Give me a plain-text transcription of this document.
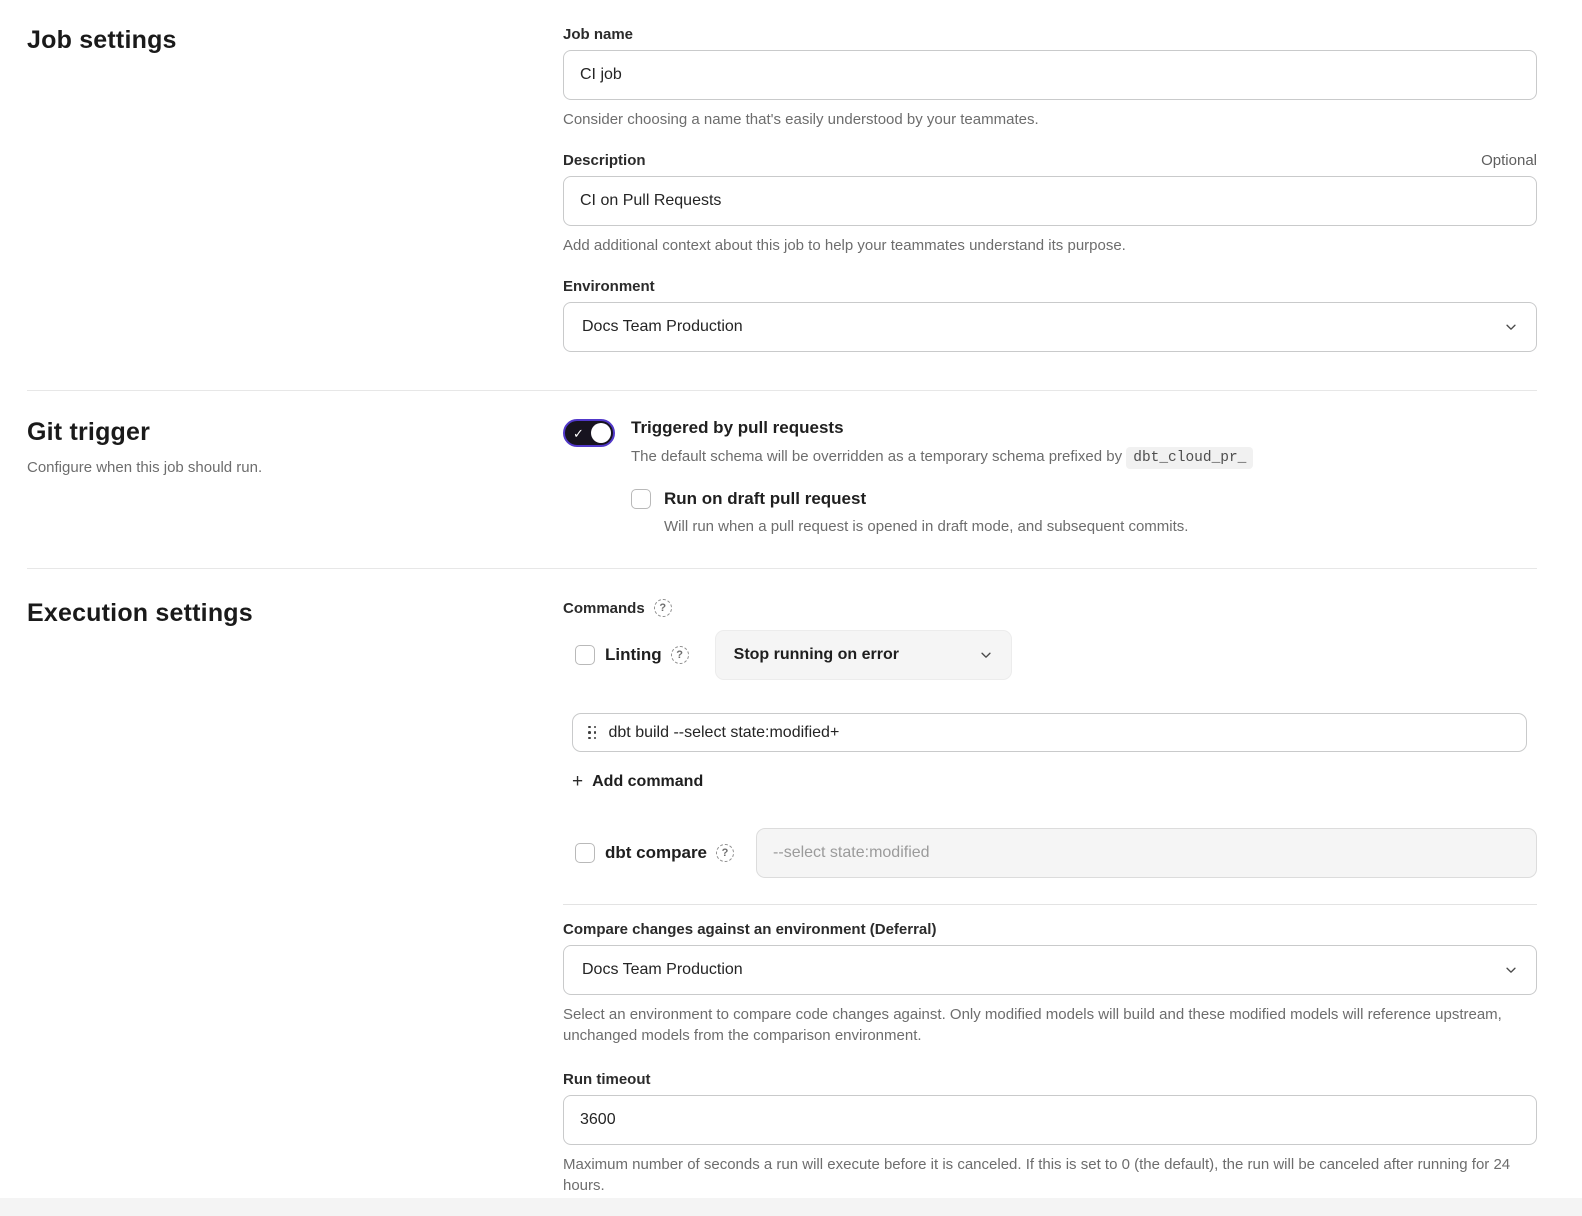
Job settings	Job name
CI job

Consider choosing a name that's easily understood by your teammates.

Description	Optional
CI on Pull Requests

Add additional context about this job to help your teammates understand its purpose.

Environment
Docs Team Production
Git trigger

Configure when this job should run.

✓	Triggered by pull requests
The default schema will be overridden as a temporary schema prefixed by dbt_cloud_pr_
Run on draft pull request

Will run when a pull request is opened in draft mode, and subsequent commits.

Execution settings	Commands	?
Linting	?	Stop running on error
dbt build --select state:modified+
+ Add command
dbt compare	?
--select state:modified
Compare changes against an environment (Deferral)
Docs Team Production

Select an environment to compare code changes against. Only modified models will build and these modified models will reference upstream, unchanged models from the comparison environment.

Run timeout
3600

Maximum number of seconds a run will execute before it is canceled. If this is set to 0 (the default), the run will be canceled after running for 24 hours.
